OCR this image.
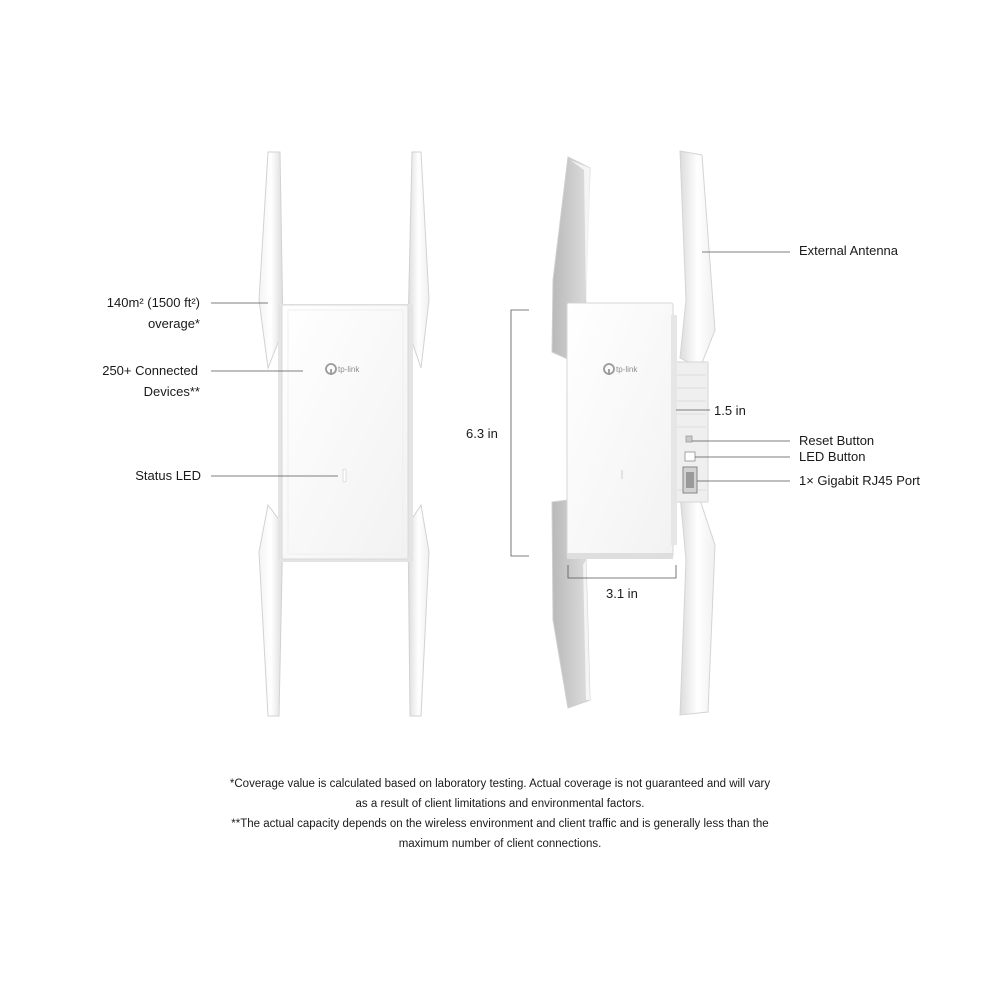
tp-link	tp-link
140m² (1500 ft²)
overage*
250+ Connected
Devices**
Status LED
External Antenna
6.3 in
1.5 in
3.1 in
Reset Button
LED Button
1× Gigabit RJ45 Port
*Coverage value is calculated based on laboratory testing. Actual coverage is not guaranteed and will vary
as a result of client limitations and environmental factors.
**The actual capacity depends on the wireless environment and client traffic and is generally less than the
maximum number of client connections.
